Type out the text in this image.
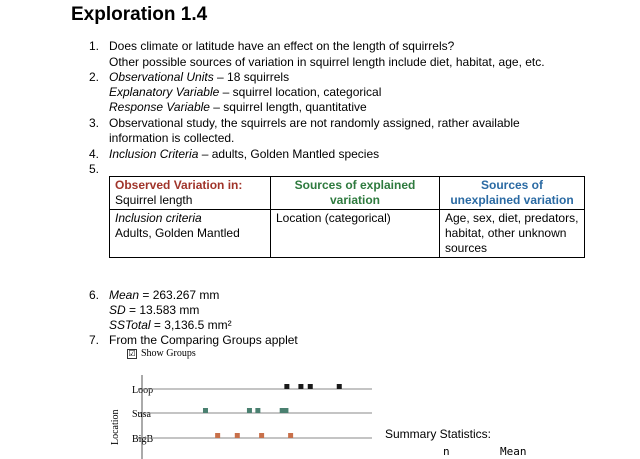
Exploration 1.4
1. Does climate or latitude have an effect on the length of squirrels?
Other possible sources of variation in squirrel length include diet, habitat, age, etc.
2. Observational Units – 18 squirrels
Explanatory Variable – squirrel location, categorical
Response Variable – squirrel length, quantitative
3. Observational study, the squirrels are not randomly assigned, rather available
information is collected.
4. Inclusion Criteria – adults, Golden Mantled species
5.
Observed Variation in:
Squirrel length	Sources of explained variation	Sources of unexplained variation

Inclusion criteria
Adults, Golden Mantled	Location (categorical)	Age, sex, diet, predators, habitat, other unknown sources
6. Mean = 263.267 mm
SD = 13.583 mm
SSTotal = 3,136.5 mm²
7. From the Comparing Groups applet
☑ Show Groups
Location
Loop
Susa
BigB	Summary Statistics:
n	Mean
